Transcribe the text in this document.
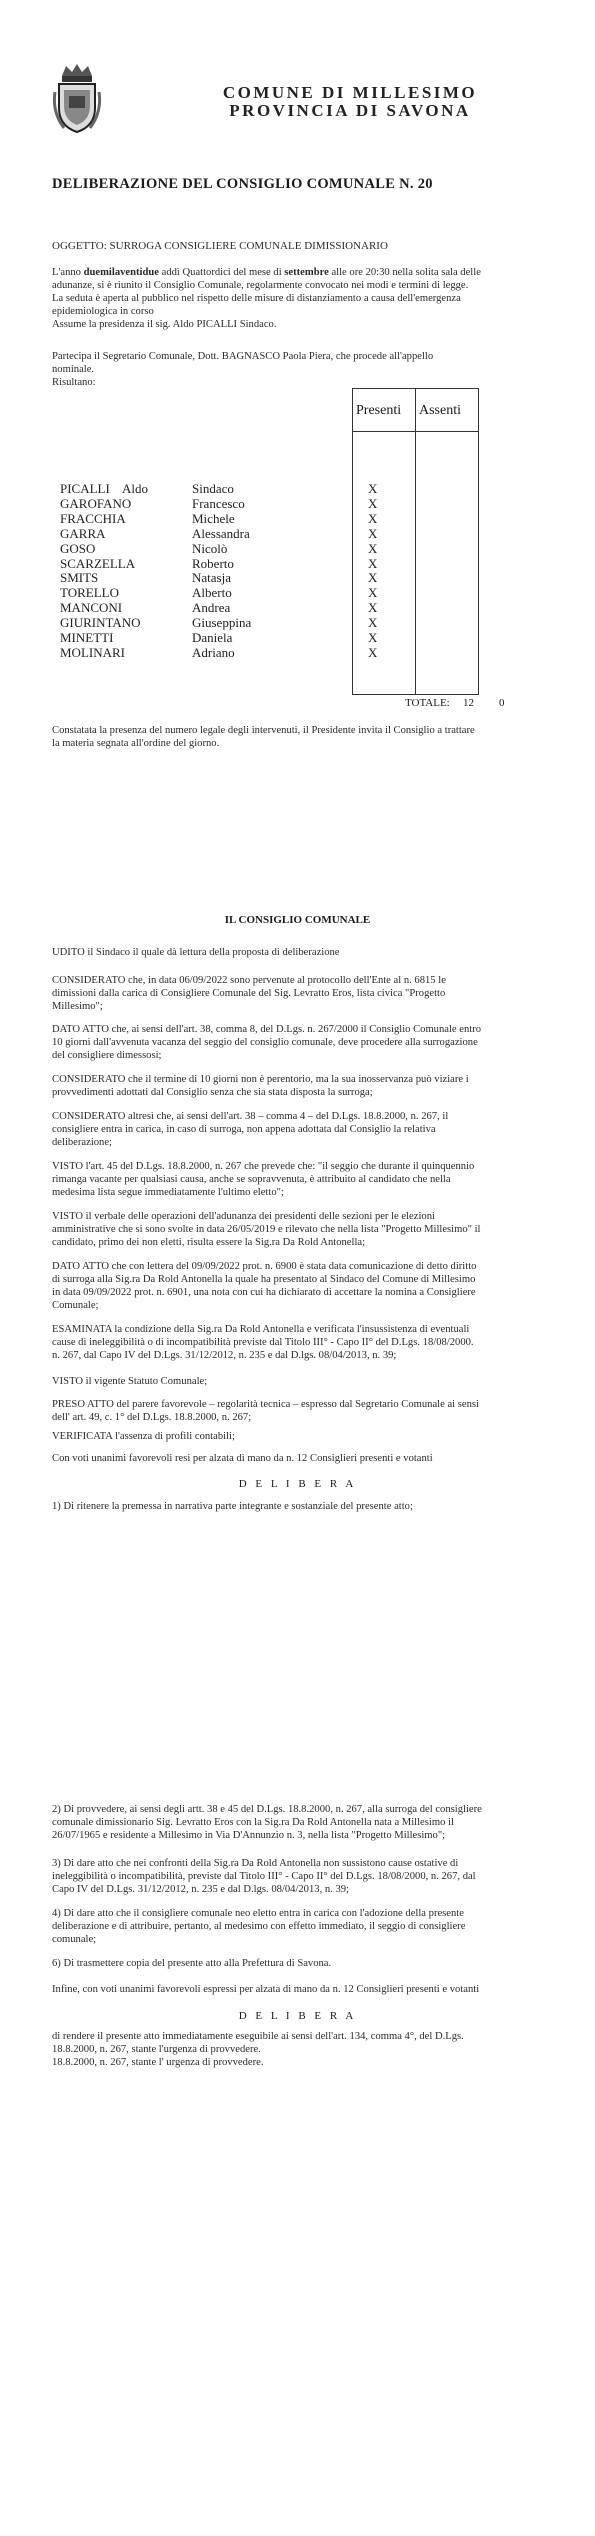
COMUNE DI MILLESIMO
PROVINCIA DI SAVONA
DELIBERAZIONE DEL CONSIGLIO COMUNALE N. 20
OGGETTO: SURROGA CONSIGLIERE COMUNALE DIMISSIONARIO

L'anno duemilaventidue addì Quattordici del mese di settembre alle ore 20:30 nella solita sala delle adunanze, si è riunito il Consiglio Comunale, regolarmente convocato nei modi e termini di legge. La seduta è aperta al pubblico nel rispetto delle misure di distanziamento a causa dell'emergenza epidemiologica in corso
Assume la presidenza il sig. Aldo PICALLI Sindaco.

Partecipa il Segretario Comunale, Dott. BAGNASCO Paola Piera, che procede all'appello nominale.

Risultano:
Presenti Assenti
PICALLI Aldo	Sindaco	X
GAROFANO	Francesco	X
FRACCHIA	Michele	X
GARRA	Alessandra	X
GOSO	Nicolò	X
SCARZELLA	Roberto	X
SMITS	Natasja	X
TORELLO	Alberto	X
MANCONI	Andrea	X
GIURINTANO	Giuseppina	X
MINETTI	Daniela	X
MOLINARI	Adriano	X
TOTALE: 12 0

Constatata la presenza del numero legale degli intervenuti, il Presidente invita il Consiglio a trattare la materia segnata all'ordine del giorno.

IL CONSIGLIO COMUNALE
UDITO il Sindaco il quale dà lettura della proposta di deliberazione

CONSIDERATO che, in data 06/09/2022 sono pervenute al protocollo dell'Ente al n. 6815 le dimissioni dalla carica di Consigliere Comunale del Sig. Levratto Eros, lista civica "Progetto Millesimo";

DATO ATTO che, ai sensi dell'art. 38, comma 8, del D.Lgs. n. 267/2000 il Consiglio Comunale entro 10 giorni dall'avvenuta vacanza del seggio del consiglio comunale, deve procedere alla surrogazione del consigliere dimessosi;

CONSIDERATO che il termine di 10 giorni non è perentorio, ma la sua inosservanza può viziare i provvedimenti adottati dal Consiglio senza che sia stata disposta la surroga;

CONSIDERATO altresì che, ai sensi dell'art. 38 – comma 4 – del D.Lgs. 18.8.2000, n. 267, il consigliere entra in carica, in caso di surroga, non appena adottata dal Consiglio la relativa deliberazione;

VISTO l'art. 45 del D.Lgs. 18.8.2000, n. 267 che prevede che: "il seggio che durante il quinquennio rimanga vacante per qualsiasi causa, anche se sopravvenuta, è attribuito al candidato che nella medesima lista segue immediatamente l'ultimo eletto";

VISTO il verbale delle operazioni dell'adunanza dei presidenti delle sezioni per le elezioni amministrative che si sono svolte in data 26/05/2019 e rilevato che nella lista "Progetto Millesimo" il candidato, primo dei non eletti, risulta essere la Sig.ra Da Rold Antonella;

DATO ATTO che con lettera del 09/09/2022 prot. n. 6900 è stata data comunicazione di detto diritto di surroga alla Sig.ra Da Rold Antonella la quale ha presentato al Sindaco del Comune di Millesimo in data 09/09/2022 prot. n. 6901, una nota con cui ha dichiarato di accettare la nomina a Consigliere Comunale;

ESAMINATA la condizione della Sig.ra Da Rold Antonella e verificata l'insussistenza di eventuali cause di ineleggibilità o di incompatibilità previste dal Titolo III° - Capo II° del D.Lgs. 18/08/2000. n. 267, dal Capo IV del D.Lgs. 31/12/2012, n. 235 e dal D.lgs. 08/04/2013, n. 39;

VISTO il vigente Statuto Comunale;

PRESO ATTO del parere favorevole – regolarità tecnica – espresso dal Segretario Comunale ai sensi dell' art. 49, c. 1° del D.Lgs. 18.8.2000, n. 267;

VERIFICATA l'assenza di profili contabili;

Con voti unanimi favorevoli resi per alzata di mano da n. 12 Consiglieri presenti e votanti

D E L I B E R A

1) Di ritenere la premessa in narrativa parte integrante e sostanziale del presente atto;

2) Di provvedere, ai sensi degli artt. 38 e 45 del D.Lgs. 18.8.2000, n. 267, alla surroga del consigliere comunale dimissionario Sig. Levratto Eros con la Sig.ra Da Rold Antonella nata a Millesimo il 26/07/1965 e residente a Millesimo in Via D'Annunzio n. 3, nella lista "Progetto Millesimo";

3) Di dare atto che nei confronti della Sig.ra Da Rold Antonella non sussistono cause ostative di ineleggibilità o incompatibilità, previste dal Titolo III° - Capo II° del D.Lgs. 18/08/2000, n. 267, dal Capo IV del D.Lgs. 31/12/2012, n. 235 e dal D.lgs. 08/04/2013, n. 39;

4) Di dare atto che il consigliere comunale neo eletto entra in carica con l'adozione della presente deliberazione e di attribuire, pertanto, al medesimo con effetto immediato, il seggio di consigliere comunale;

6) Di trasmettere copia del presente atto alla Prefettura di Savona.

Infine, con voti unanimi favorevoli espressi per alzata di mano da n. 12 Consiglieri presenti e votanti

D E L I B E R A

di rendere il presente atto immediatamente eseguibile ai sensi dell'art. 134, comma 4°, del D.Lgs. 18.8.2000, n. 267, stante l'urgenza di provvedere.

18.8.2000, n. 267, stante l' urgenza di provvedere.
